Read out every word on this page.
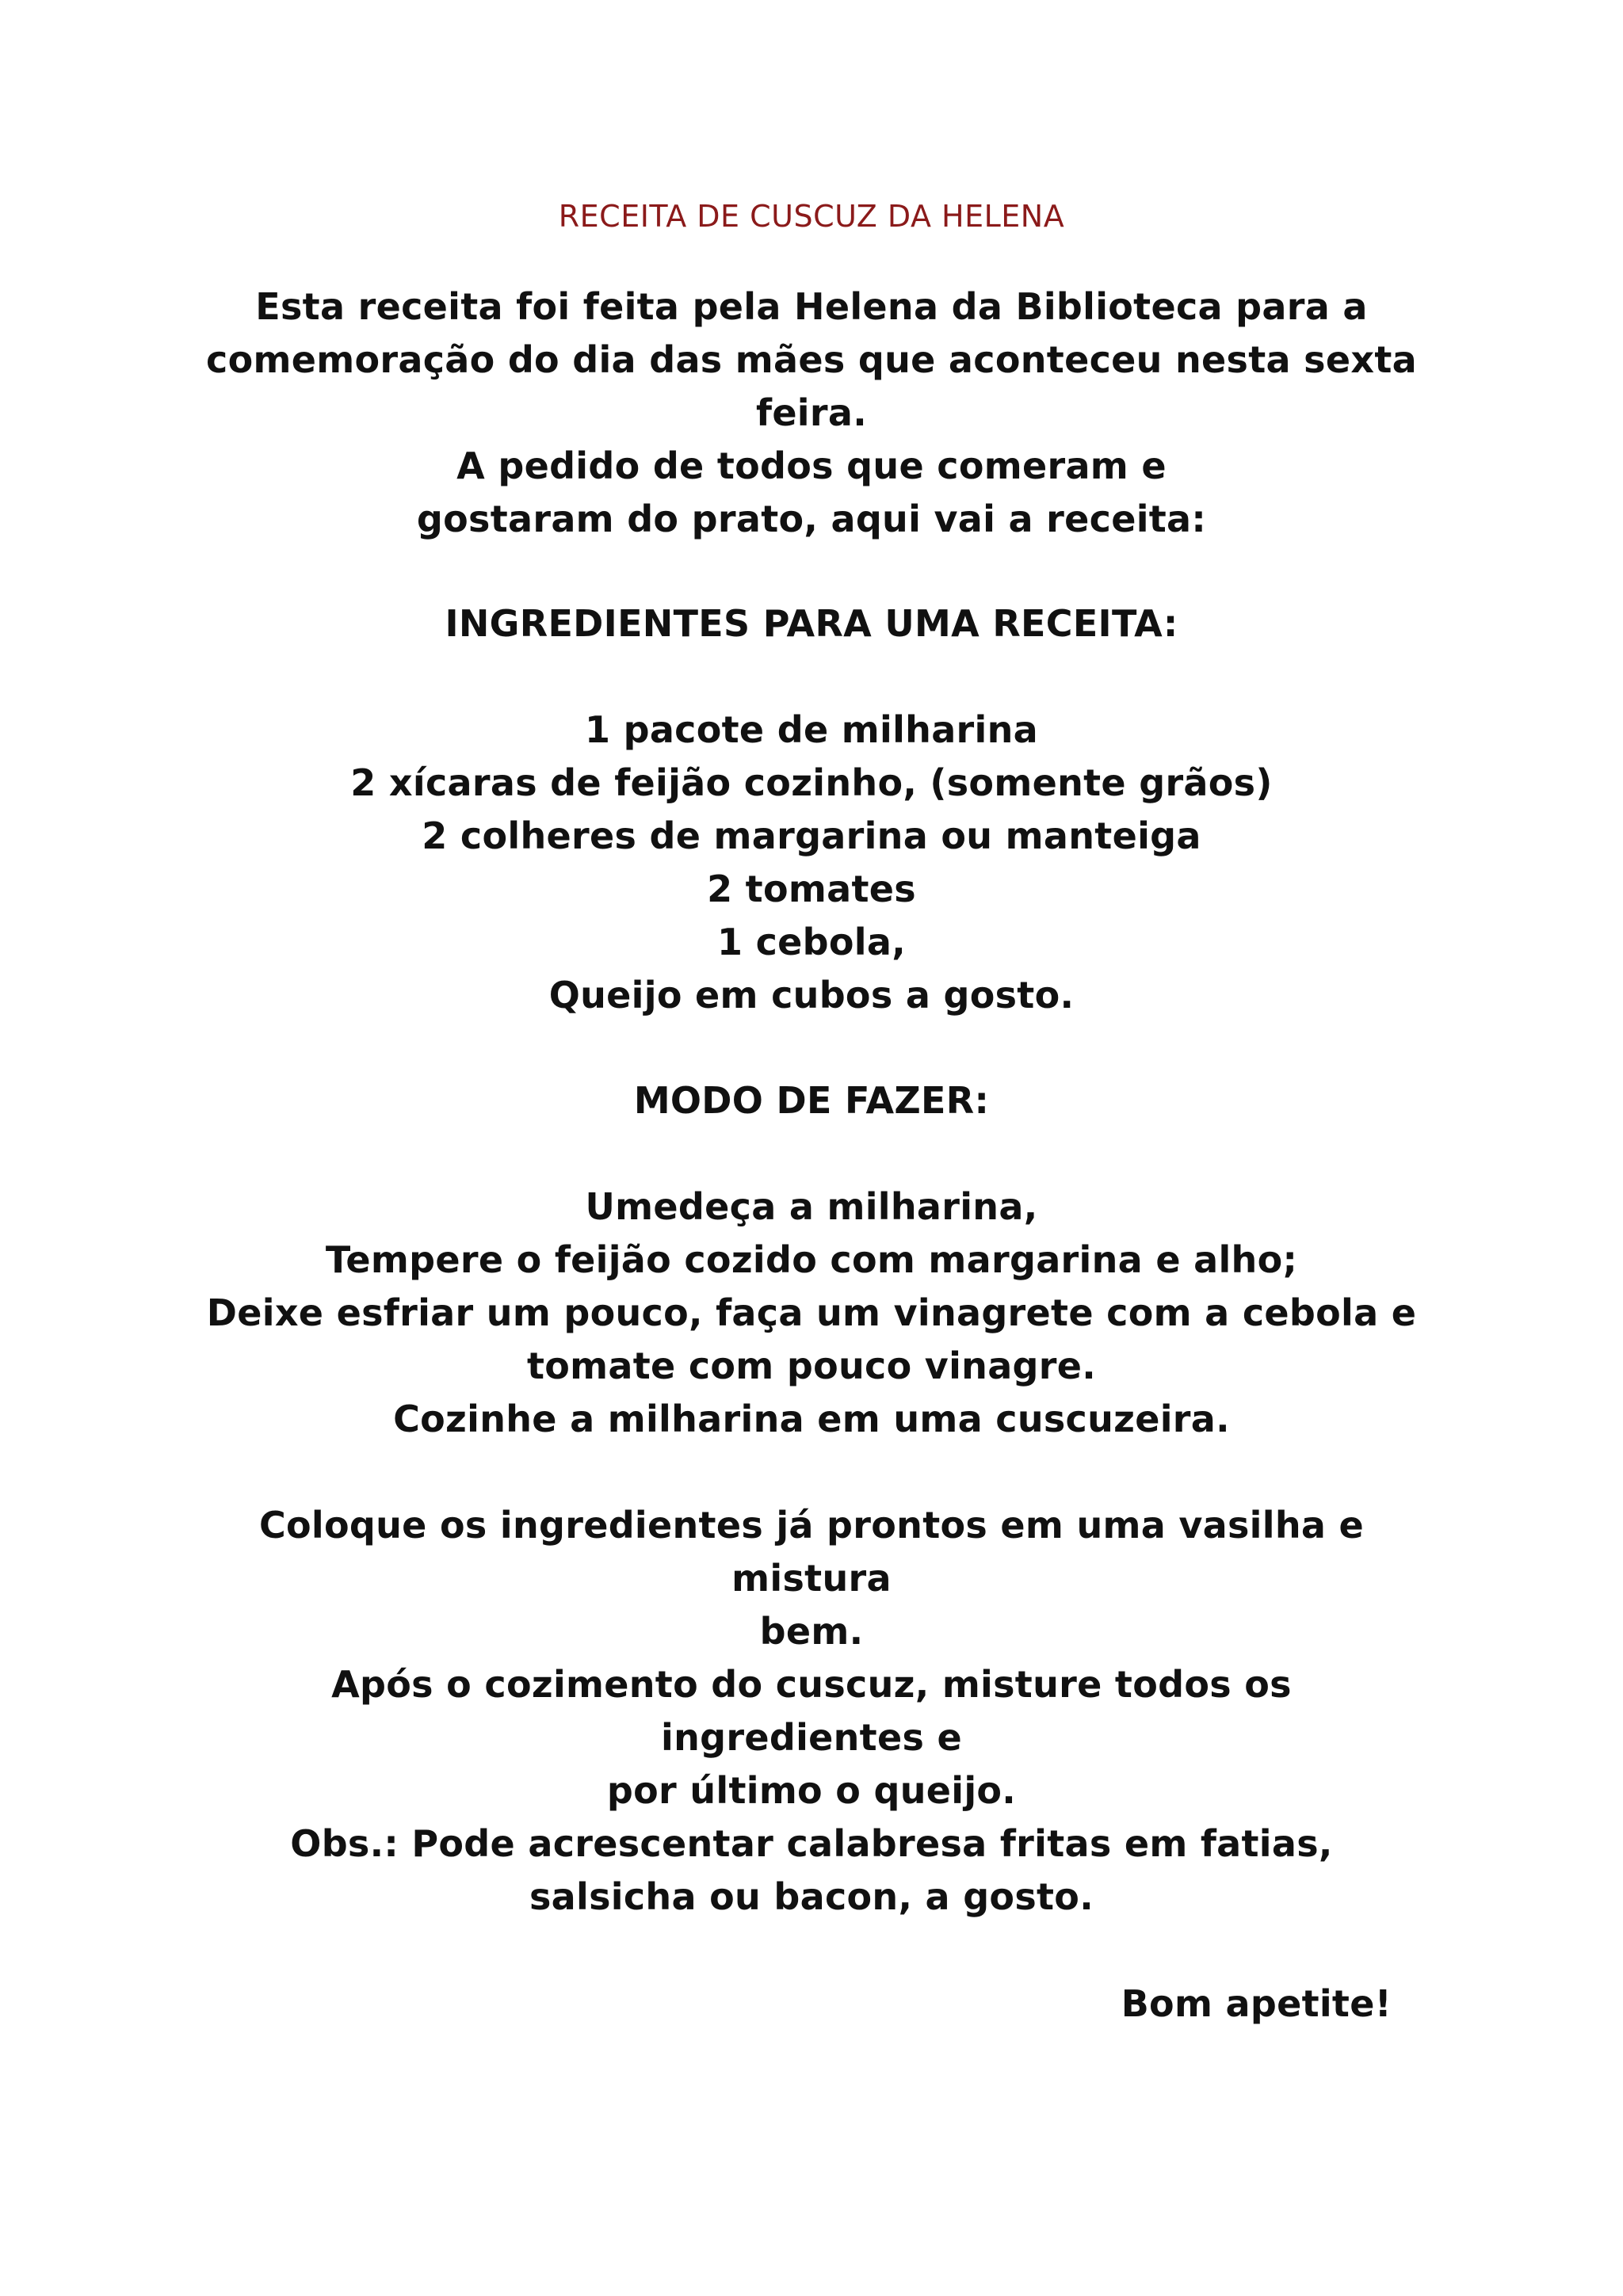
RECEITA DE CUSCUZ DA HELENA

Esta receita foi feita pela Helena da Biblioteca para a

comemoração do dia das mães que aconteceu nesta sexta

feira.

A pedido de todos que comeram e

gostaram do prato, aqui vai a receita:

INGREDIENTES PARA UMA RECEITA:

1 pacote de milharina

2 xícaras de feijão cozinho, (somente grãos)

2 colheres de margarina ou manteiga

2 tomates

1 cebola,

Queijo em cubos a gosto.

MODO DE FAZER:

Umedeça a milharina,

Tempere o feijão cozido com margarina e alho;

Deixe esfriar um pouco, faça um vinagrete com a cebola e

tomate com pouco vinagre.

Cozinhe a milharina em uma cuscuzeira.

Coloque os ingredientes já prontos em uma vasilha e mistura

bem.

Após o cozimento do cuscuz, misture todos os ingredientes e

por último o queijo.

Obs.: Pode acrescentar calabresa fritas em fatias,

salsicha ou bacon, a gosto.

Bom apetite!
